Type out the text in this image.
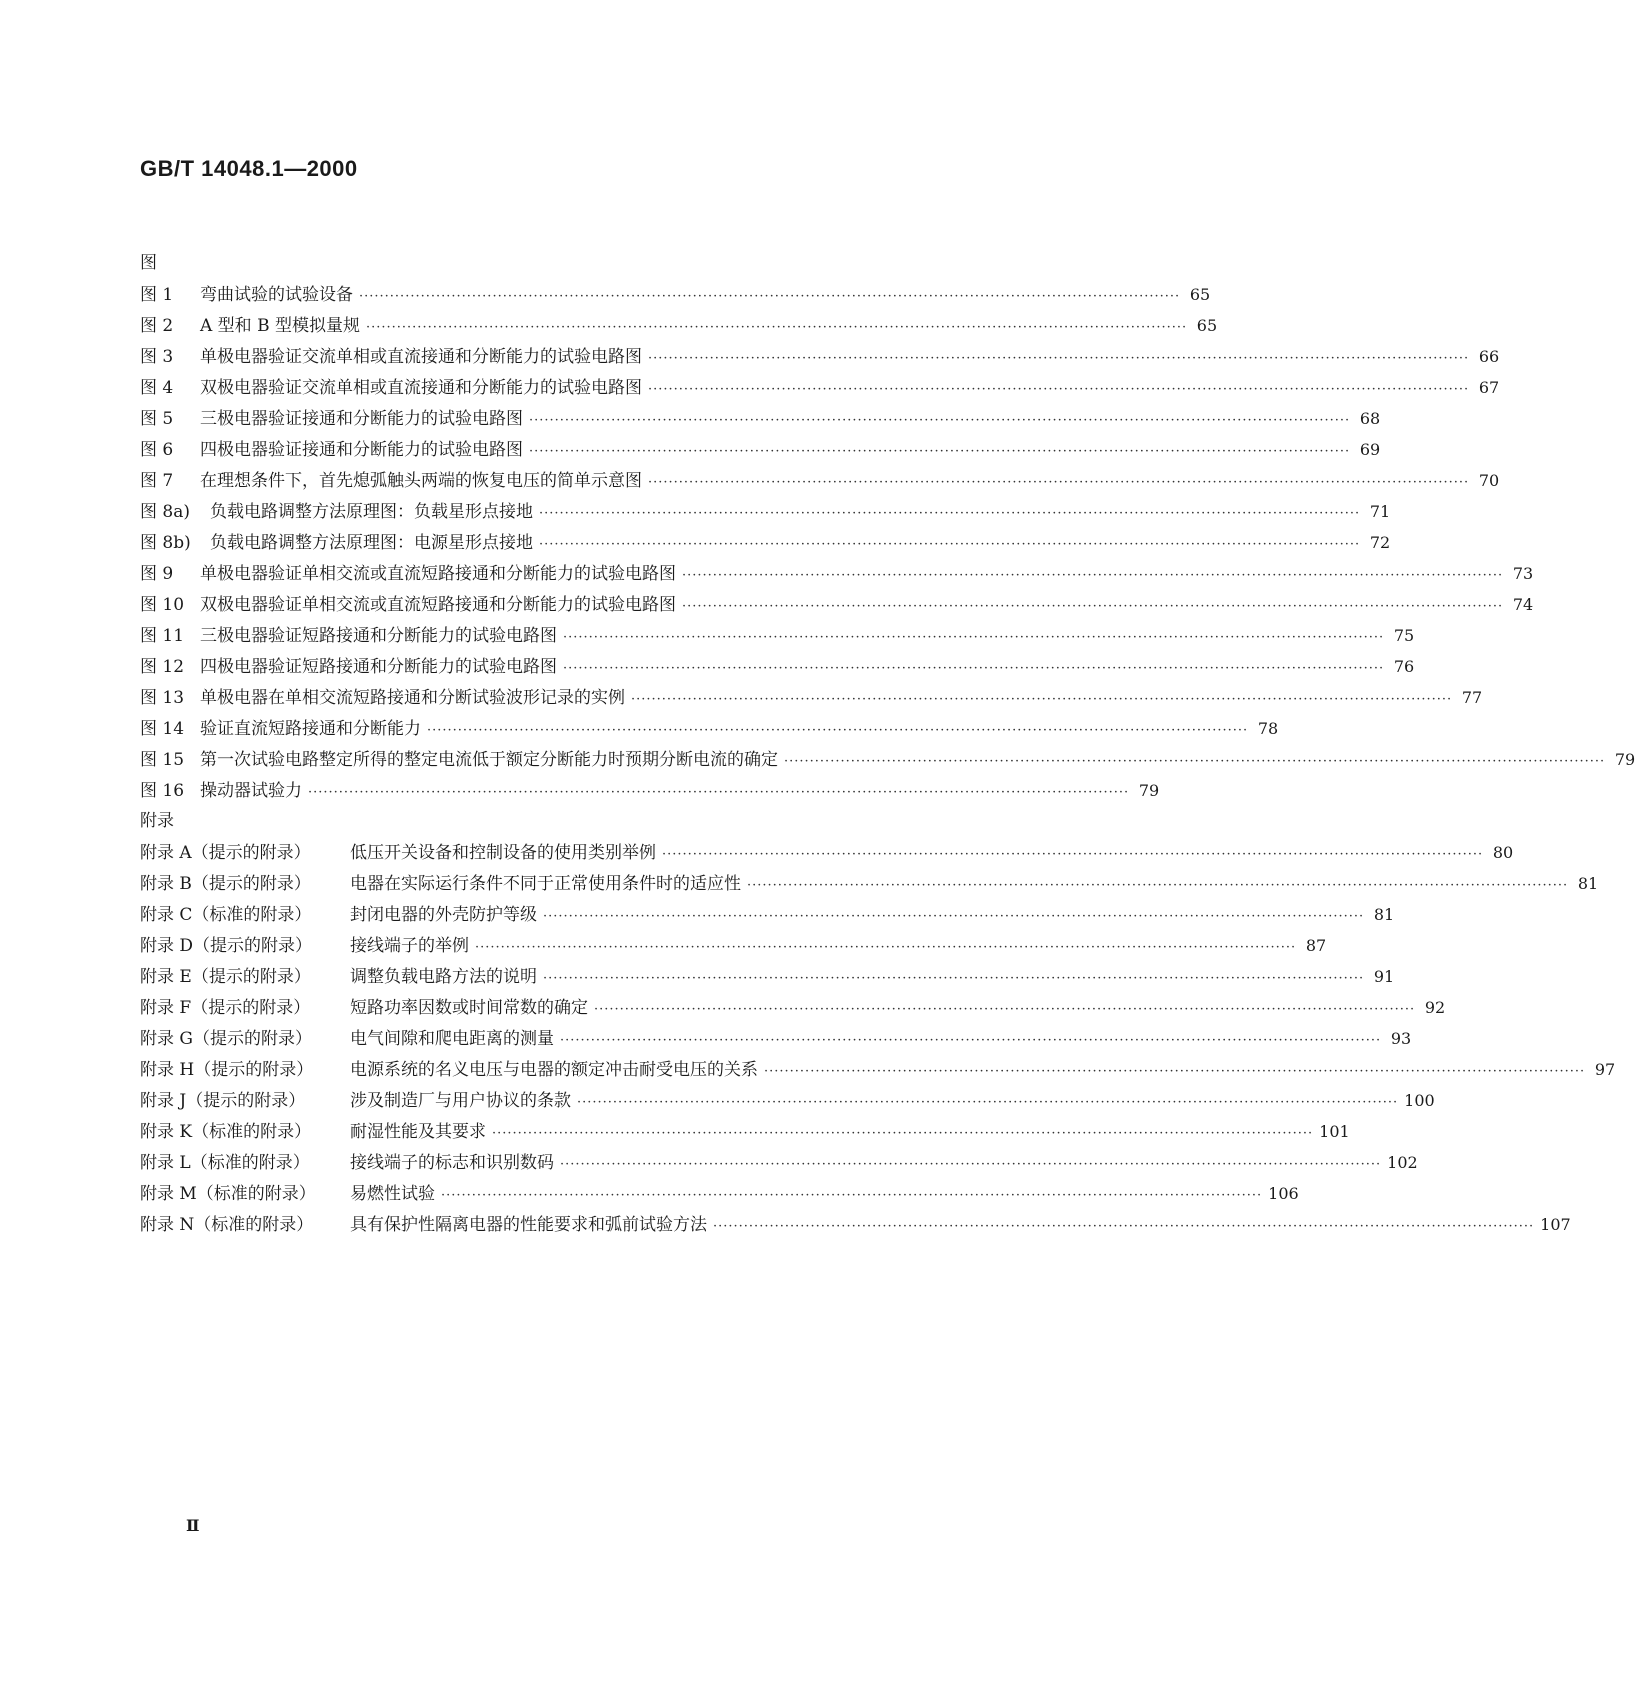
GB/T 14048.1—2000
图
图 1	弯曲试验的试验设备 ·····	65
图 2	A 型和 B 型模拟量规 ·····	65
图 3	单极电器验证交流单相或直流接通和分断能力的试验电路图 ·····	66
图 4	双极电器验证交流单相或直流接通和分断能力的试验电路图 ·····	67
图 5	三极电器验证接通和分断能力的试验电路图 ·····	68
图 6	四极电器验证接通和分断能力的试验电路图 ·····	69
图 7	在理想条件下，首先熄弧触头两端的恢复电压的简单示意图 ·····	70
图 8a)	负载电路调整方法原理图：负载星形点接地 ·····	71
图 8b)	负载电路调整方法原理图：电源星形点接地 ·····	72
图 9	单极电器验证单相交流或直流短路接通和分断能力的试验电路图 ·····	73
图 10 双极电器验证单相交流或直流短路接通和分断能力的试验电路图 ·····	74
图 11 三极电器验证短路接通和分断能力的试验电路图 ·····	75
图 12 四极电器验证短路接通和分断能力的试验电路图 ·····	76
图 13 单极电器在单相交流短路接通和分断试验波形记录的实例 ·····	77
图 14 验证直流短路接通和分断能力 ·····	78
图 15 第一次试验电路整定所得的整定电流低于额定分断能力时预期分断电流的确定 ·····	79
图 16 操动器试验力 ·····	79
附录
附录 A（提示的附录）	低压开关设备和控制设备的使用类别举例 ·····	80
附录 B（提示的附录）	电器在实际运行条件不同于正常使用条件时的适应性 ·····	81
附录 C（标准的附录）	封闭电器的外壳防护等级 ·····	81
附录 D（提示的附录）	接线端子的举例 ·····	87
附录 E（提示的附录）	调整负载电路方法的说明 ·····	91
附录 F（提示的附录）	短路功率因数或时间常数的确定 ·····	92
附录 G（提示的附录）	电气间隙和爬电距离的测量 ·····	93
附录 H（提示的附录）	电源系统的名义电压与电器的额定冲击耐受电压的关系 ·····	97
附录 J（提示的附录）	涉及制造厂与用户协议的条款 ·····	100
附录 K（标准的附录）	耐湿性能及其要求 ·····	101
附录 L（标准的附录）	接线端子的标志和识别数码 ·····	102
附录 M（标准的附录）	易燃性试验 ·····	106
附录 N（标准的附录）	具有保护性隔离电器的性能要求和弧前试验方法 ·····	107
Ⅱ
